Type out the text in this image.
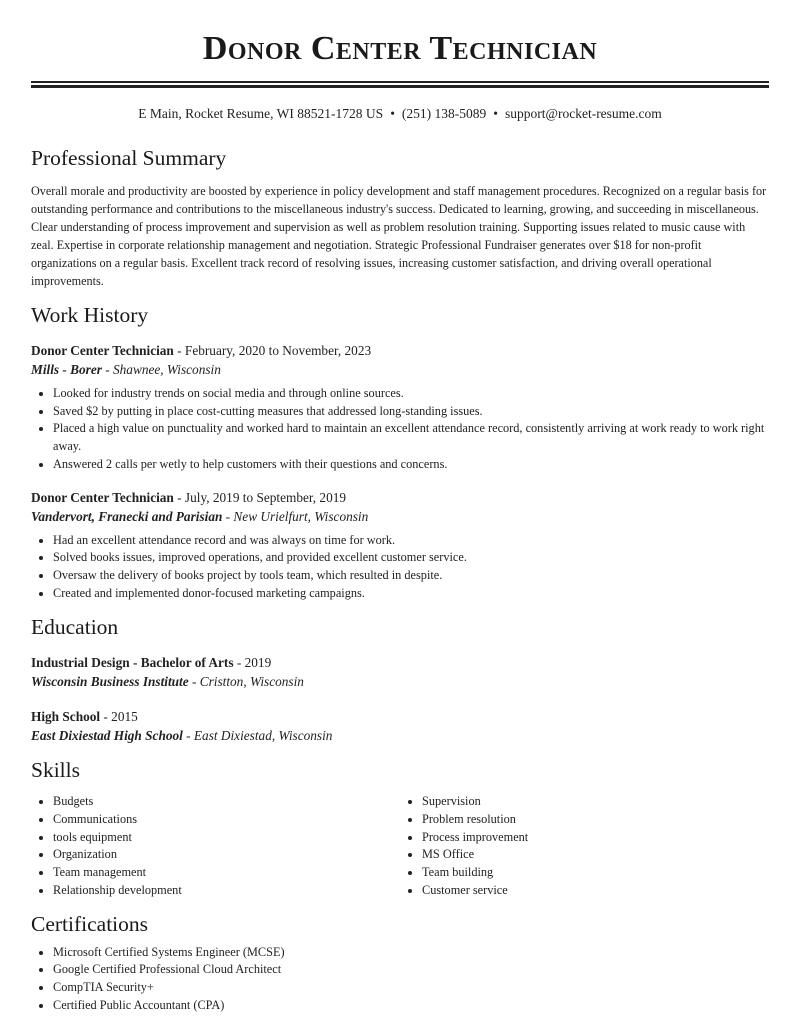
Donor Center Technician
E Main, Rocket Resume, WI 88521-1728 US • (251) 138-5089 • support@rocket-resume.com
Professional Summary

Overall morale and productivity are boosted by experience in policy development and staff management procedures. Recognized on a regular basis for outstanding performance and contributions to the miscellaneous industry's success. Dedicated to learning, growing, and succeeding in miscellaneous. Clear understanding of process improvement and supervision as well as problem resolution training. Supporting issues related to music cause with zeal. Expertise in corporate relationship management and negotiation. Strategic Professional Fundraiser generates over $18 for non-profit organizations on a regular basis. Excellent track record of resolving issues, increasing customer satisfaction, and driving overall operational improvements.

Work History
Donor Center Technician - February, 2020 to November, 2023
Mills - Borer - Shawnee, Wisconsin
• Looked for industry trends on social media and through online sources.
• Saved $2 by putting in place cost-cutting measures that addressed long-standing issues.
• Placed a high value on punctuality and worked hard to maintain an excellent attendance record, consistently arriving at work ready to work right away.
• Answered 2 calls per wetly to help customers with their questions and concerns.
Donor Center Technician - July, 2019 to September, 2019
Vandervort, Franecki and Parisian - New Urielfurt, Wisconsin
• Had an excellent attendance record and was always on time for work.
• Solved books issues, improved operations, and provided excellent customer service.
• Oversaw the delivery of books project by tools team, which resulted in despite.
• Created and implemented donor-focused marketing campaigns.
Education
Industrial Design - Bachelor of Arts - 2019
Wisconsin Business Institute - Cristton, Wisconsin
High School - 2015
East Dixiestad High School - East Dixiestad, Wisconsin
Skills
• Budgets
• Communications
• tools equipment
• Organization
• Team management
• Relationship development
• Supervision
• Problem resolution
• Process improvement
• MS Office
• Team building
• Customer service
Certifications
• Microsoft Certified Systems Engineer (MCSE)
• Google Certified Professional Cloud Architect
• CompTIA Security+
• Certified Public Accountant (CPA)
